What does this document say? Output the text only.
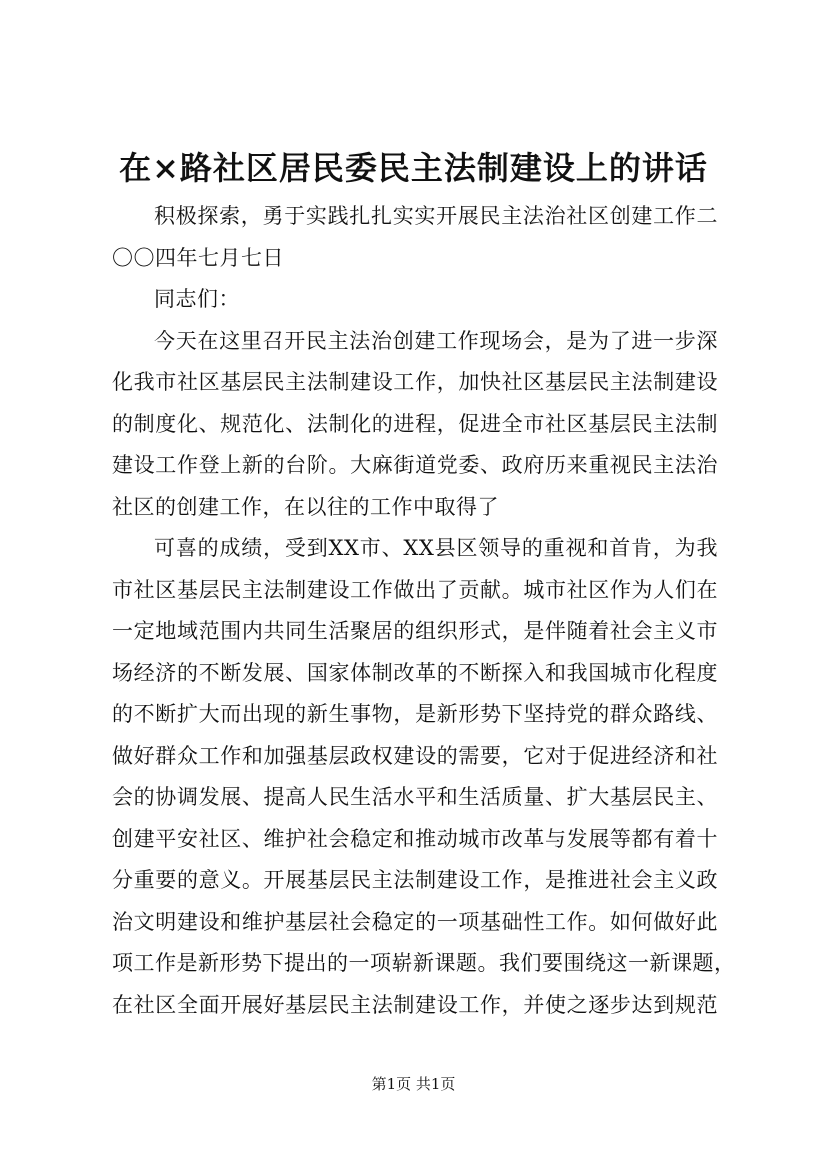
在×路社区居民委民主法制建设上的讲话
积极探索，勇于实践扎扎实实开展民主法治社区创建工作二
〇〇四年七月七日
同志们：
今天在这里召开民主法治创建工作现场会，是为了进一步深
化我市社区基层民主法制建设工作，加快社区基层民主法制建设
的制度化、规范化、法制化的进程，促进全市社区基层民主法制
建设工作登上新的台阶。大麻街道党委、政府历来重视民主法治
社区的创建工作，在以往的工作中取得了
可喜的成绩，受到XX市、XX县区领导的重视和首肯，为我
市社区基层民主法制建设工作做出了贡献。城市社区作为人们在
一定地域范围内共同生活聚居的组织形式，是伴随着社会主义市
场经济的不断发展、国家体制改革的不断探入和我国城市化程度
的不断扩大而出现的新生事物，是新形势下坚持党的群众路线、
做好群众工作和加强基层政权建设的需要，它对于促进经济和社
会的协调发展、提高人民生活水平和生活质量、扩大基层民主、
创建平安社区、维护社会稳定和推动城市改革与发展等都有着十
分重要的意义。开展基层民主法制建设工作，是推进社会主义政
治文明建设和维护基层社会稳定的一项基础性工作。如何做好此
项工作是新形势下提出的一项崭新课题。我们要围绕这一新课题，
在社区全面开展好基层民主法制建设工作，并使之逐步达到规范
第1页 共1页
